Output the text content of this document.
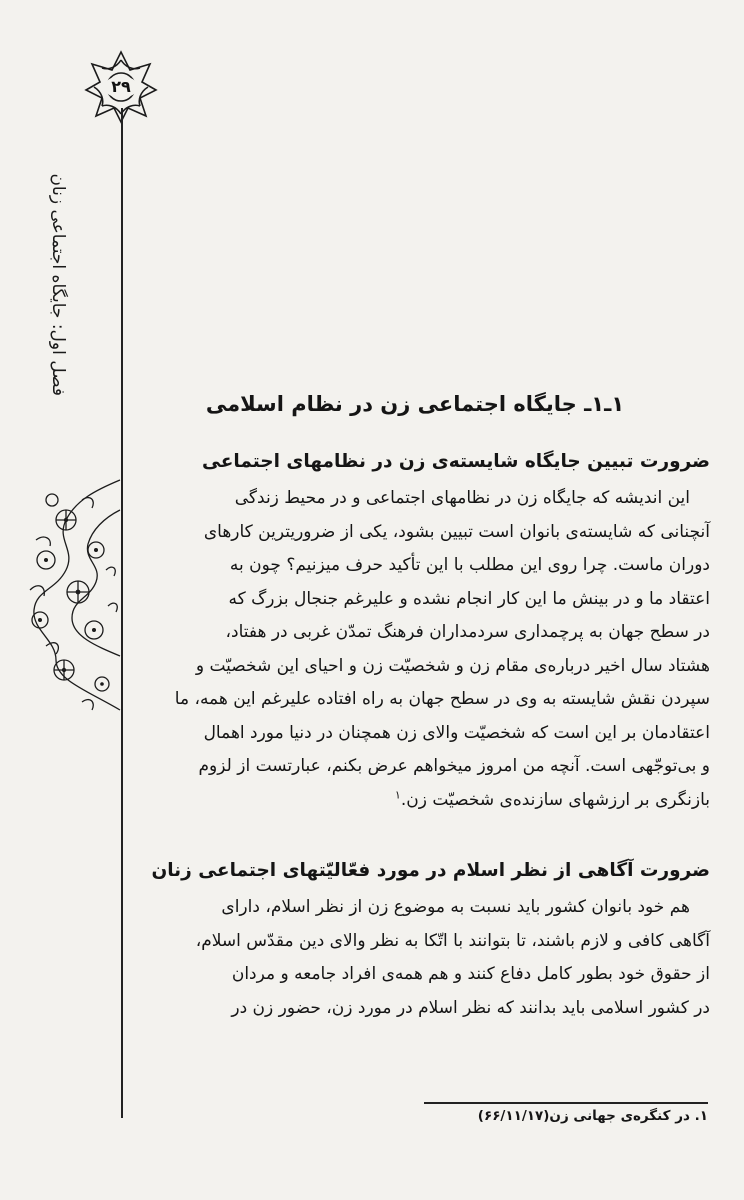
۲۹
فصل اول: جایگاه اجتماعی زنان
۱ـ۱ـ جایگاه اجتماعی زن در نظام اسلامی
ضرورت تبیین جایگاه شایسته‌ی زن در نظامهای اجتماعی

این اندیشه که جایگاه زن در نظامهای اجتماعی و در محیط زندگی

آنچنانی که شایسته‌ی بانوان است تبیین بشود، یکی از ضروریترین کارهای

دوران ماست. چرا روی این مطلب با این تأکید حرف میزنیم؟ چون به

اعتقاد ما و در بینش ما این کار انجام نشده و علیرغم جنجال بزرگ که

در سطح جهان به پرچمداری سردمداران فرهنگ تمدّن غربی در هفتاد،

هشتاد سال اخیر درباره‌ی مقام زن و شخصیّت زن و احیای این شخصیّت و

سپردن نقش شایسته به وی در سطح جهان به راه افتاده علیرغم این همه، ما

اعتقادمان بر این است که شخصیّت والای زن همچنان در دنیا مورد اهمال

و بی‌توجّهی است. آنچه من امروز میخواهم عرض بکنم، عبارتست از لزوم

بازنگری بر ارزشهای سازنده‌ی شخصیّت زن.$^۱$

ضرورت آگاهی از نظر اسلام در مورد فعّالیّتهای اجتماعی زنان

هم خود بانوان کشور باید نسبت به موضوع زن از نظر اسلام، دارای

آگاهی کافی و لازم باشند، تا بتوانند با اتّکا به نظر والای دین مقدّس اسلام،

از حقوق خود بطور کامل دفاع کنند و هم همه‌ی افراد جامعه و مردان

در کشور اسلامی باید بدانند که نظر اسلام در مورد زن، حضور زن در

۱. در کنگره‌ی جهانی زن(۶۶/۱۱/۱۷)
